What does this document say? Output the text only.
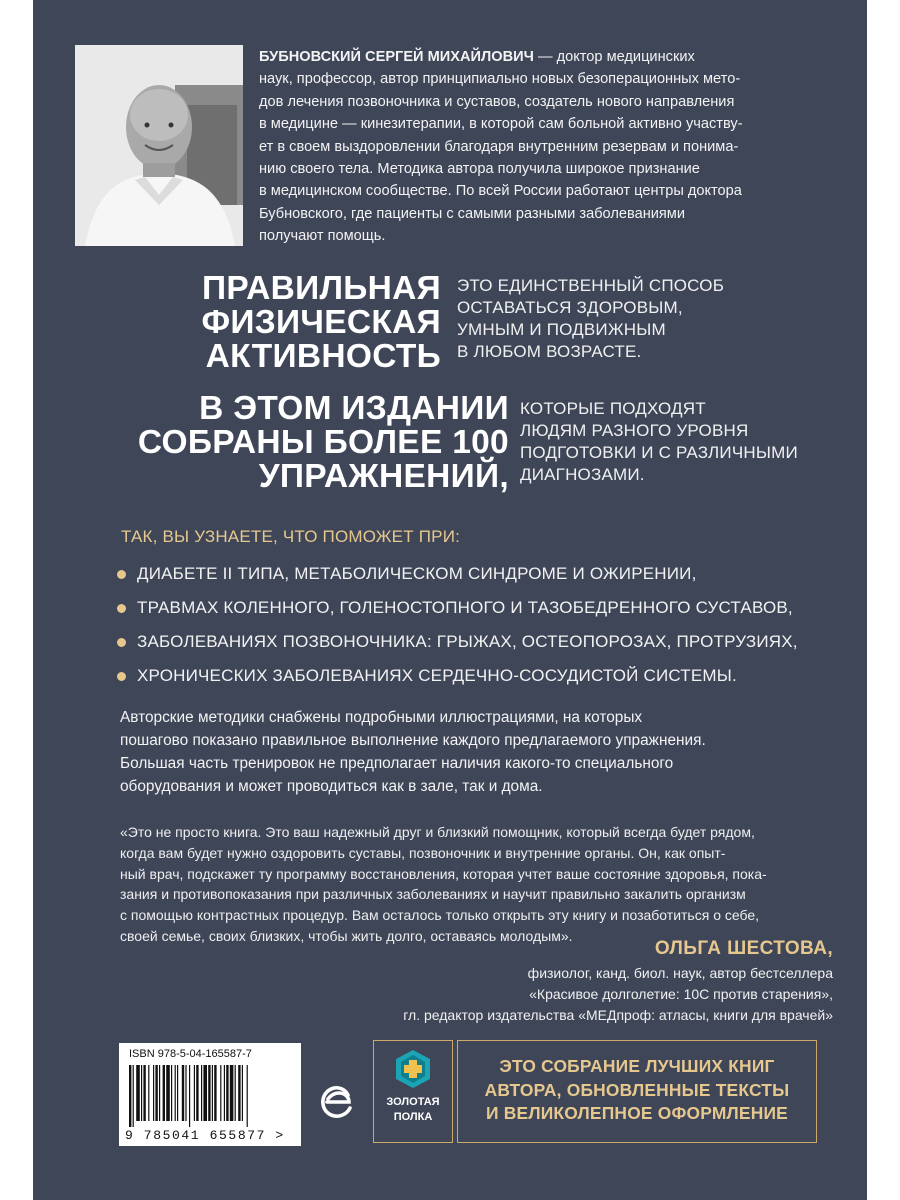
БУБНОВСКИЙ СЕРГЕЙ МИХАЙЛОВИЧ — доктор медицинских
наук, профессор, автор принципиально новых безоперационных мето-
дов лечения позвоночника и суставов, создатель нового направления
в медицине — кинезитерапии, в которой сам больной активно участву-
ет в своем выздоровлении благодаря внутренним резервам и понима-
нию своего тела. Методика автора получила широкое признание
в медицинском сообществе. По всей России работают центры доктора
Бубновского, где пациенты с самыми разными заболеваниями
получают помощь.
ПРАВИЛЬНАЯ
ФИЗИЧЕСКАЯ
АКТИВНОСТЬ
ЭТО ЕДИНСТВЕННЫЙ СПОСОБ
ОСТАВАТЬСЯ ЗДОРОВЫМ,
УМНЫМ И ПОДВИЖНЫМ
В ЛЮБОМ ВОЗРАСТЕ.
В ЭТОМ ИЗДАНИИ
СОБРАНЫ БОЛЕЕ 100
УПРАЖНЕНИЙ,
КОТОРЫЕ ПОДХОДЯТ
ЛЮДЯМ РАЗНОГО УРОВНЯ
ПОДГОТОВКИ И С РАЗЛИЧНЫМИ
ДИАГНОЗАМИ.
ТАК, ВЫ УЗНАЕТЕ, ЧТО ПОМОЖЕТ ПРИ:
ДИАБЕТЕ II ТИПА, МЕТАБОЛИЧЕСКОМ СИНДРОМЕ И ОЖИРЕНИИ,
ТРАВМАХ КОЛЕННОГО, ГОЛЕНОСТОПНОГО И ТАЗОБЕДРЕННОГО СУСТАВОВ,
ЗАБОЛЕВАНИЯХ ПОЗВОНОЧНИКА: ГРЫЖАХ, ОСТЕОПОРОЗАХ, ПРОТРУЗИЯХ,
ХРОНИЧЕСКИХ ЗАБОЛЕВАНИЯХ СЕРДЕЧНО-СОСУДИСТОЙ СИСТЕМЫ.
Авторские методики снабжены подробными иллюстрациями, на которых
пошагово показано правильное выполнение каждого предлагаемого упражнения.
Большая часть тренировок не предполагает наличия какого-то специального
оборудования и может проводиться как в зале, так и дома.
«Это не просто книга. Это ваш надежный друг и близкий помощник, который всегда будет рядом,
когда вам будет нужно оздоровить суставы, позвоночник и внутренние органы. Он, как опыт-
ный врач, подскажет ту программу восстановления, которая учтет ваше состояние здоровья, пока-
зания и противопоказания при различных заболеваниях и научит правильно закалить организм
с помощью контрастных процедур. Вам осталось только открыть эту книгу и позаботиться о себе,
своей семье, своих близких, чтобы жить долго, оставаясь молодым».
ОЛЬГА ШЕСТОВА,
физиолог, канд. биол. наук, автор бестселлера
«Красивое долголетие: 10С против старения»,
гл. редактор издательства «МЕДпроф: атласы, книги для врачей»
ISBN 978-5-04-165587-7
9 785041 655877 >
ЗОЛОТАЯ
ПОЛКА
ЭТО СОБРАНИЕ ЛУЧШИХ КНИГ
АВТОРА, ОБНОВЛЕННЫЕ ТЕКСТЫ
И ВЕЛИКОЛЕПНОЕ ОФОРМЛЕНИЕ
